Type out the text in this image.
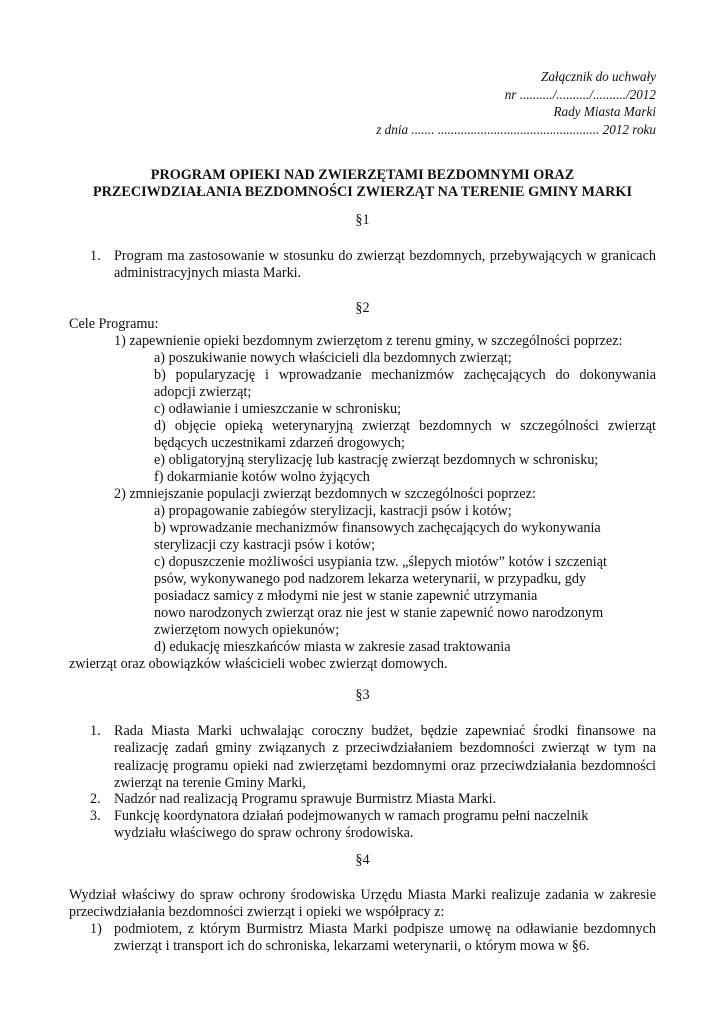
Załącznik do uchwały
nr ........../........../........../2012
Rady Miasta Marki
z dnia ....... ................................................. 2012 roku
PROGRAM OPIEKI NAD ZWIERZĘTAMI BEZDOMNYMI ORAZ
PRZECIWDZIAŁANIA BEZDOMNOŚCI ZWIERZĄT NA TERENIE GMINY MARKI
§1
1. Program ma zastosowanie w stosunku do zwierząt bezdomnych, przebywających w granicach administracyjnych miasta Marki.
§2
Cele Programu:
1) zapewnienie opieki bezdomnym zwierzętom z terenu gminy, w szczególności poprzez:
a) poszukiwanie nowych właścicieli dla bezdomnych zwierząt;
b) popularyzację i wprowadzanie mechanizmów zachęcających do dokonywania adopcji zwierząt;
c) odławianie i umieszczanie w schronisku;
d) objęcie opieką weterynaryjną zwierząt bezdomnych w szczególności zwierząt będących uczestnikami zdarzeń drogowych;
e) obligatoryjną sterylizację lub kastrację zwierząt bezdomnych w schronisku;
f) dokarmianie kotów wolno żyjących
2) zmniejszanie populacji zwierząt bezdomnych w szczególności poprzez:
a) propagowanie zabiegów sterylizacji, kastracji psów i kotów;
b) wprowadzanie mechanizmów finansowych zachęcających do wykonywania
sterylizacji czy kastracji psów i kotów;
c) dopuszczenie możliwości usypiania tzw. „ślepych miotów” kotów i szczeniąt
psów, wykonywanego pod nadzorem lekarza weterynarii, w przypadku, gdy
posiadacz samicy z młodymi nie jest w stanie zapewnić utrzymania
nowo narodzonych zwierząt oraz nie jest w stanie zapewnić nowo narodzonym
zwierzętom nowych opiekunów;
d) edukację mieszkańców miasta w zakresie zasad traktowania
zwierząt oraz obowiązków właścicieli wobec zwierząt domowych.
§3
1. Rada Miasta Marki uchwalając coroczny budżet, będzie zapewniać środki finansowe na realizację zadań gminy związanych z przeciwdziałaniem bezdomności zwierząt w tym na realizację programu opieki nad zwierzętami bezdomnymi oraz przeciwdziałania bezdomności zwierząt na terenie Gminy Marki,
2. Nadzór nad realizacją Programu sprawuje Burmistrz Miasta Marki.
3. Funkcję koordynatora działań podejmowanych w ramach programu pełni naczelnik
wydziału właściwego do spraw ochrony środowiska.
§4
Wydział właściwy do spraw ochrony środowiska Urzędu Miasta Marki realizuje zadania w zakresie przeciwdziałania bezdomności zwierząt i opieki we współpracy z:
1) podmiotem, z którym Burmistrz Miasta Marki podpisze umowę na odławianie bezdomnych zwierząt i transport ich do schroniska, lekarzami weterynarii, o którym mowa w §6.
